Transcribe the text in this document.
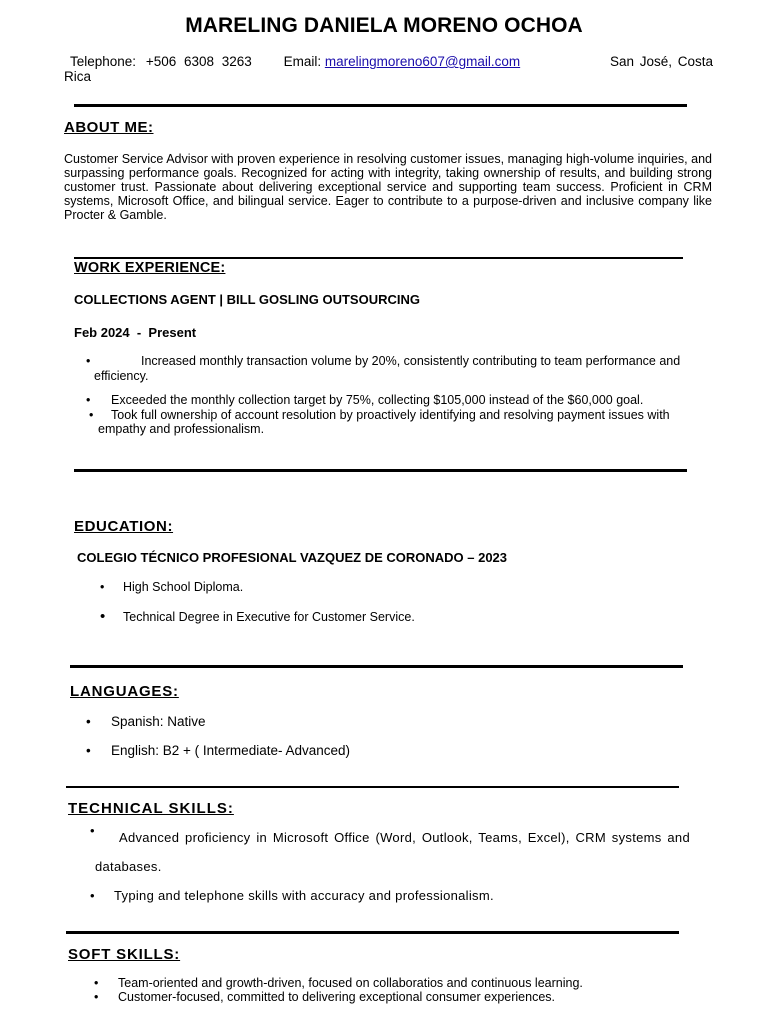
MARELING DANIELA MORENO OCHOA
Telephone: +506 6308 3263 Email: marelingmoreno607@gmail.com	San José, Costa

Rica
ABOUT ME:
Customer Service Advisor with proven experience in resolving customer issues, managing high-volume inquiries, and surpassing performance goals. Recognized for acting with integrity, taking ownership of results, and building strong customer trust. Passionate about delivering exceptional service and supporting team success. Proficient in CRM systems, Microsoft Office, and bilingual service. Eager to contribute to a purpose-driven and inclusive company like Procter & Gamble.
WORK EXPERIENCE:
COLLECTIONS AGENT | BILL GOSLING OUTSOURCING
Feb 2024  -  Present
•	Increased monthly transaction volume by 20%, consistently contributing to team performance and efficiency.
•	Exceeded the monthly collection target by 75%, collecting $105,000 instead of the $60,000 goal.
•	Took full ownership of account resolution by proactively identifying and resolving payment issues with empathy and professionalism.
EDUCATION:
COLEGIO TÉCNICO PROFESIONAL VAZQUEZ DE CORONADO – 2023
• High School Diploma.
• Technical Degree in Executive for Customer Service.
LANGUAGES:
• Spanish: Native
• English: B2 + ( Intermediate- Advanced)
TECHNICAL SKILLS:
•	Advanced proficiency in Microsoft Office (Word, Outlook, Teams, Excel), CRM systems and databases.
• Typing and telephone skills with accuracy and professionalism.
SOFT SKILLS:
• Team-oriented and growth-driven, focused on collaboratios and continuous learning.
• Customer-focused, committed to delivering exceptional consumer experiences.
